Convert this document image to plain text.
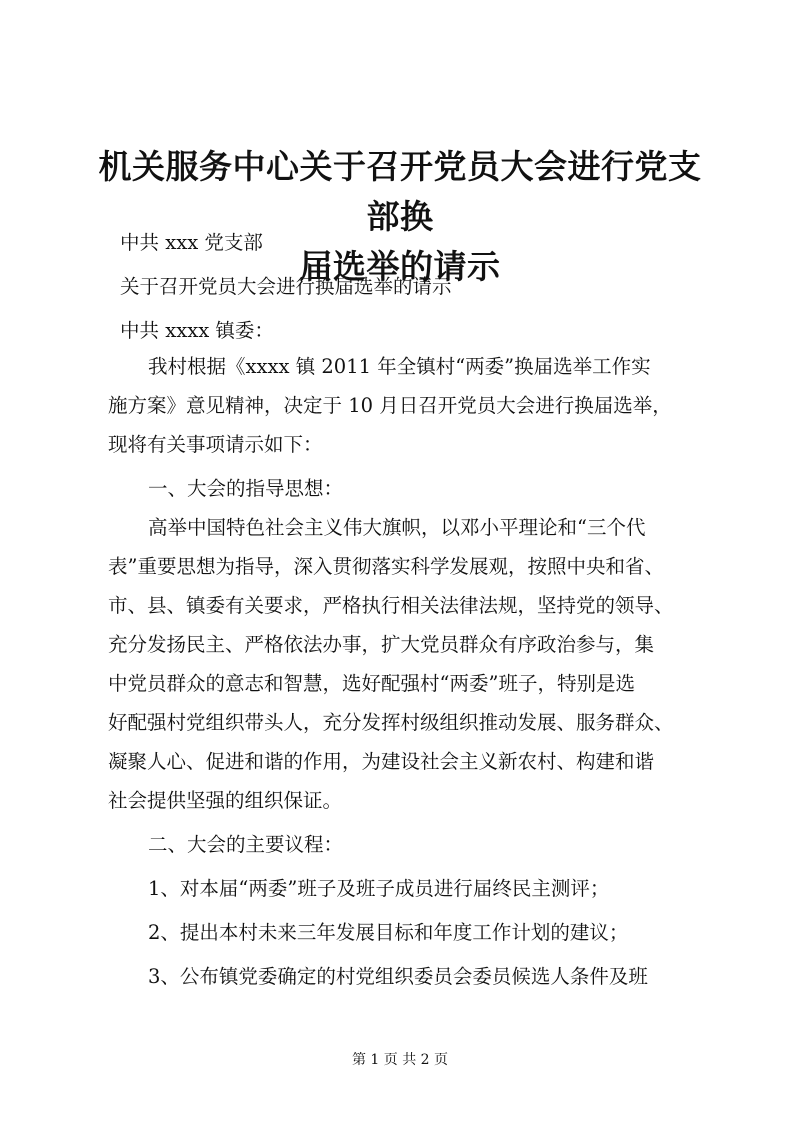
机关服务中心关于召开党员大会进行党支部换
届选举的请示
中共 xxx 党支部
关于召开党员大会进行换届选举的请示
中共 xxxx 镇委：
我村根据《xxxx 镇 2011 年全镇村“两委”换届选举工作实
施方案》意见精神，决定于 10 月日召开党员大会进行换届选举，
现将有关事项请示如下：
一、大会的指导思想：
高举中国特色社会主义伟大旗帜，以邓小平理论和“三个代
表”重要思想为指导，深入贯彻落实科学发展观，按照中央和省、
市、县、镇委有关要求，严格执行相关法律法规，坚持党的领导、
充分发扬民主、严格依法办事，扩大党员群众有序政治参与，集
中党员群众的意志和智慧，选好配强村“两委”班子，特别是选
好配强村党组织带头人，充分发挥村级组织推动发展、服务群众、
凝聚人心、促进和谐的作用，为建设社会主义新农村、构建和谐
社会提供坚强的组织保证。
二、大会的主要议程：
1、对本届“两委”班子及班子成员进行届终民主测评；
2、提出本村未来三年发展目标和年度工作计划的建议；
3、公布镇党委确定的村党组织委员会委员候选人条件及班
第 1 页 共 2 页
